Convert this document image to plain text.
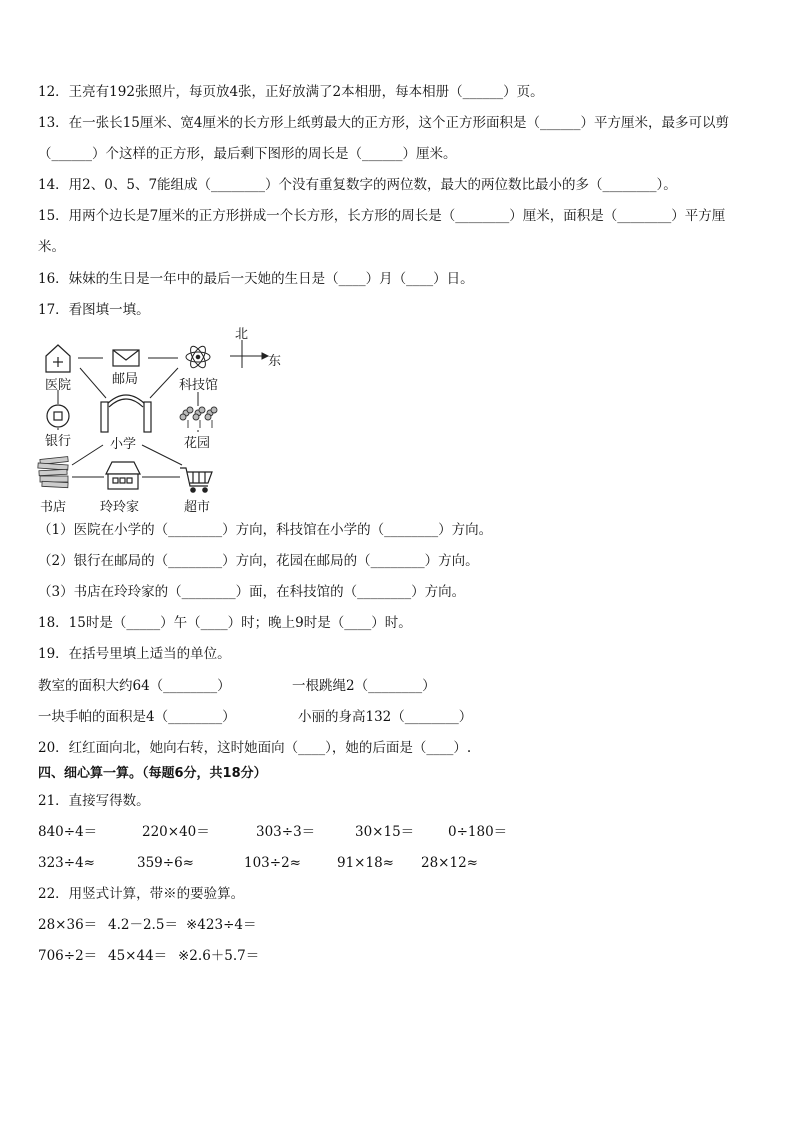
12．王亮有192张照片，每页放4张，正好放满了2本相册，每本相册（______）页。
13．在一张长15厘米、宽4厘米的长方形上纸剪最大的正方形，这个正方形面积是（______）平方厘米，最多可以剪
（______）个这样的正方形，最后剩下图形的周长是（______）厘米。
14．用2、0、5、7能组成（________）个没有重复数字的两位数，最大的两位数比最小的多（________）。
15．用两个边长是7厘米的正方形拼成一个长方形，长方形的周长是（________）厘米，面积是（________）平方厘
米。
16．妹妹的生日是一年中的最后一天她的生日是（____）月（____）日。
17．看图填一填。
北
东
医院	邮局	科技馆
银行	小学	花园
书店	玲玲家	超市
（1）医院在小学的（________）方向，科技馆在小学的（________）方向。
（2）银行在邮局的（________）方向，花园在邮局的（________）方向。
（3）书店在玲玲家的（________）面，在科技馆的（________）方向。
18．15时是（_____）午（____）时；晚上9时是（____）时。
19．在括号里填上适当的单位。
教室的面积大约64（________）	一根跳绳2（________）
一块手帕的面积是4（________）	小丽的身高132（________）
20．红红面向北，她向右转，这时她面向（____），她的后面是（____）.
四、细心算一算。（每题6分，共18分）
21．直接写得数。
840÷4＝	220×40＝	303÷3＝	30×15＝	0÷180＝
323÷4≈	359÷6≈	103÷2≈	91×18≈ 28×12≈
22．用竖式计算，带※的要验算。
28×36＝ 4.2－2.5＝ ※423÷4＝
706÷2＝ 45×44＝ ※2.6＋5.7＝
